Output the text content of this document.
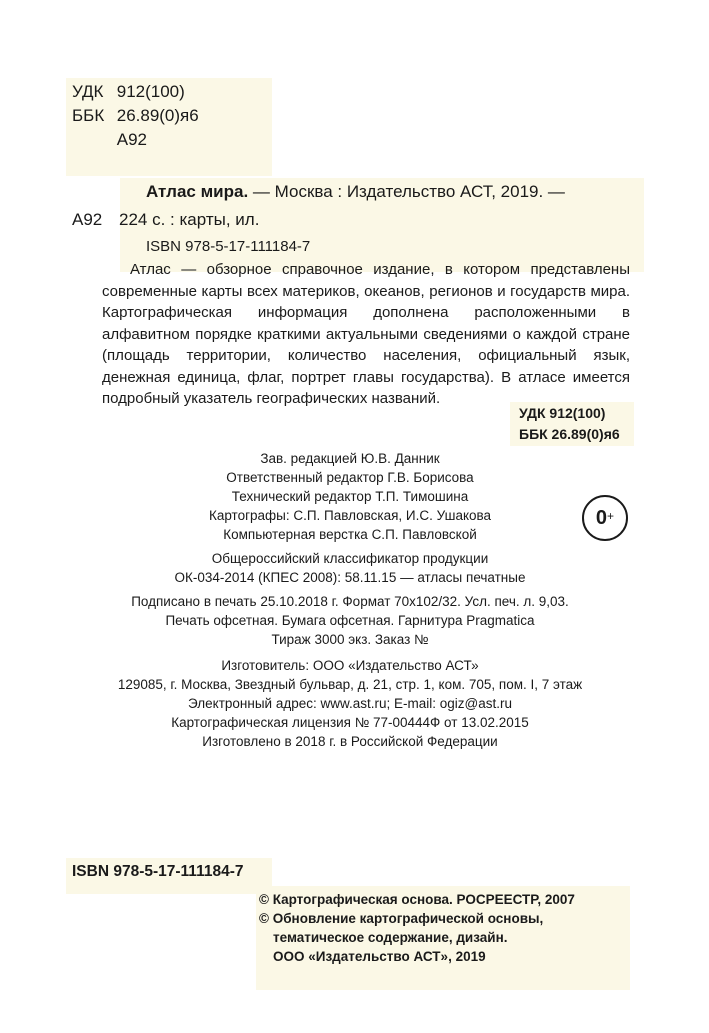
УДК 912(100)
ББК 26.89(0)я6
А92
Атлас мира. — Москва : Издательство АСТ, 2019. —
А92 224 с. : карты, ил.
ISBN 978-5-17-111184-7
Атлас — обзорное справочное издание, в котором представлены современные карты всех материков, океанов, регионов и государств мира. Картографическая информация дополнена расположенными в алфавитном порядке краткими актуальными сведениями о каждой стране (площадь территории, количество населения, официальный язык, денежная единица, флаг, портрет главы государства). В атласе имеется подробный указатель географических названий.
УДК 912(100)
ББК 26.89(0)я6
Зав. редакцией Ю.В. Данник
Ответственный редактор Г.В. Борисова
Технический редактор Т.П. Тимошина
Картографы: С.П. Павловская, И.С. Ушакова
Компьютерная верстка С.П. Павловской
0+
Общероссийский классификатор продукции
ОК-034-2014 (КПЕС 2008): 58.11.15 — атласы печатные
Подписано в печать 25.10.2018 г. Формат 70х102/32. Усл. печ. л. 9,03.
Печать офсетная. Бумага офсетная. Гарнитура Pragmatica
Тираж 3000 экз. Заказ №
Изготовитель: ООО «Издательство АСТ»
129085, г. Москва, Звездный бульвар, д. 21, стр. 1, ком. 705, пом. I, 7 этаж
Электронный адрес: www.ast.ru; E-mail: ogiz@ast.ru
Картографическая лицензия № 77-00444Ф от 13.02.2015
Изготовлено в 2018 г. в Российской Федерации
ISBN 978-5-17-111184-7
© Картографическая основа. РОСРЕЕСТР, 2007
© Обновление картографической основы,
тематическое содержание, дизайн.
ООО «Издательство АСТ», 2019
